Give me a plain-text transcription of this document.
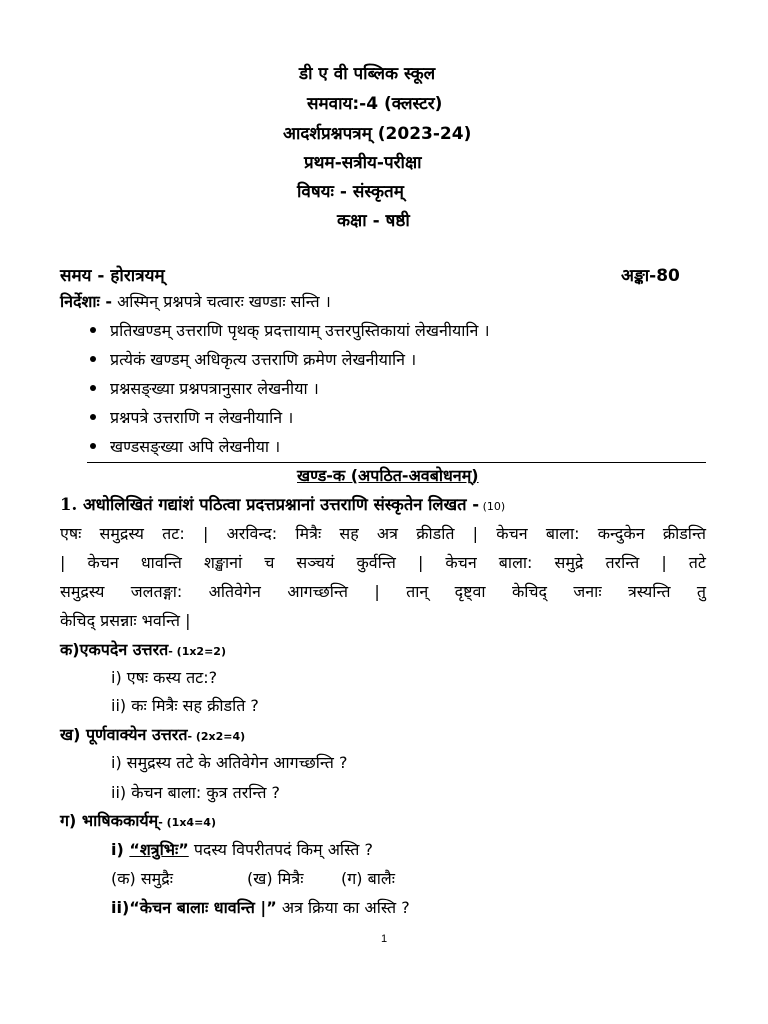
डी ए वी पब्लिक स्कूल
समवाय:-4 (क्लस्टर)
आदर्शप्रश्नपत्रम् (2023-24)
प्रथम-सत्रीय-परीक्षा
विषयः - संस्कृतम्
कक्षा - षष्ठी
समय - होरात्रयम्	अङ्का-80
निर्देशाः - अस्मिन् प्रश्नपत्रे चत्वारः खण्डाः सन्ति ।
प्रतिखण्डम् उत्तराणि पृथक् प्रदत्तायाम् उत्तरपुस्तिकायां लेखनीयानि ।
प्रत्येकं खण्डम् अधिकृत्य उत्तराणि क्रमेण लेखनीयानि ।
प्रश्नसङ्ख्या प्रश्नपत्रानुसार लेखनीया ।
प्रश्नपत्रे उत्तराणि न लेखनीयानि ।
खण्डसङ्ख्या अपि लेखनीया ।
खण्ड-क (अपठित-अवबोधनम्)
1. अधोलिखितं गद्यांशं पठित्वा प्रदत्तप्रश्नानां उत्तराणि संस्कृतेन लिखत - (10)
एषः समुद्रस्य तट: | अरविन्द: मित्रैः सह अत्र क्रीडति | केचन बाला: कन्दुकेन क्रीडन्ति
| केचन धावन्ति शङ्खानां च सञ्चयं कुर्वन्ति | केचन बाला: समुद्रे तरन्ति | तटे
समुद्रस्य जलतङ्गा: अतिवेगेन आगच्छन्ति | तान् दृष्ट्वा केचिद् जनाः त्रस्यन्ति तु
केचिद् प्रसन्नाः भवन्ति |
क)एकपदेन उत्तरत- (1x2=2)
i) एषः कस्य तट:?
ii) कः मित्रैः सह क्रीडति ?
ख) पूर्णवाक्येन उत्तरत- (2x2=4)
i) समुद्रस्य तटे के अतिवेगेन आगच्छन्ति ?
ii) केचन बाला: कुत्र तरन्ति ?
ग) भाषिककार्यम्- (1x4=4)
i) “शत्रुभिः” पदस्य विपरीतपदं किम् अस्ति ?
(क) समुद्रैः	(ख) मित्रैः (ग) बालैः
ii)“केचन बालाः धावन्ति |” अत्र क्रिया का अस्ति ?
1
